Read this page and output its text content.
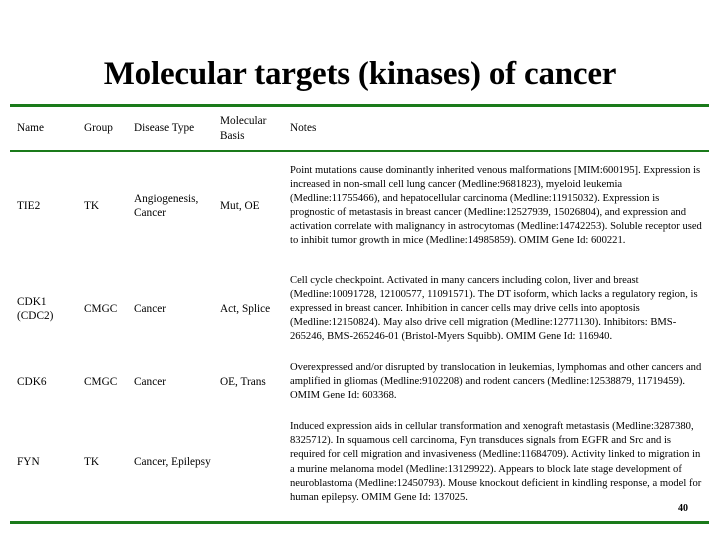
Molecular targets (kinases) of cancer
Name	Group	Disease Type	Molecular Basis	Notes
TIE2	TK	Angiogenesis, Cancer	Mut, OE	Point mutations cause dominantly inherited venous malformations [MIM:600195]. Expression is increased in non-small cell lung cancer (Medline:9681823), myeloid leukemia (Medline:11755466), and hepatocellular carcinoma (Medline:11915032). Expression is prognostic of metastasis in breast cancer (Medline:12527939, 15026804), and expression and activation correlate with malignancy in astrocytomas (Medline:14742253). Soluble receptor used to inhibit tumor growth in mice (Medline:14985859). OMIM Gene Id: 600221.
CDK1 (CDC2)	CMGC	Cancer	Act, Splice	Cell cycle checkpoint. Activated in many cancers including colon, liver and breast (Medline:10091728, 12100577, 11091571). The DT isoform, which lacks a regulatory region, is expressed in breast cancer. Inhibition in cancer cells may drive cells into apoptosis (Medline:12150824). May also drive cell migration (Medline:12771130). Inhibitors: BMS-265246, BMS-265246-01 (Bristol-Myers Squibb). OMIM Gene Id: 116940.
CDK6	CMGC	Cancer	OE, Trans	Overexpressed and/or disrupted by translocation in leukemias, lymphomas and other cancers and amplified in gliomas (Medline:9102208) and rodent cancers (Medline:12538879, 11719459). OMIM Gene Id: 603368.
FYN	TK	Cancer, Epilepsy		Induced expression aids in cellular transformation and xenograft metastasis (Medline:3287380, 8325712). In squamous cell carcinoma, Fyn transduces signals from EGFR and Src and is required for cell migration and invasiveness (Medline:11684709). Activity linked to migration in a murine melanoma model (Medline:13129922). Appears to block late stage development of neuroblastoma (Medline:12450793). Mouse knockout deficient in kindling response, a model for human epilepsy. OMIM Gene Id: 137025.
40
